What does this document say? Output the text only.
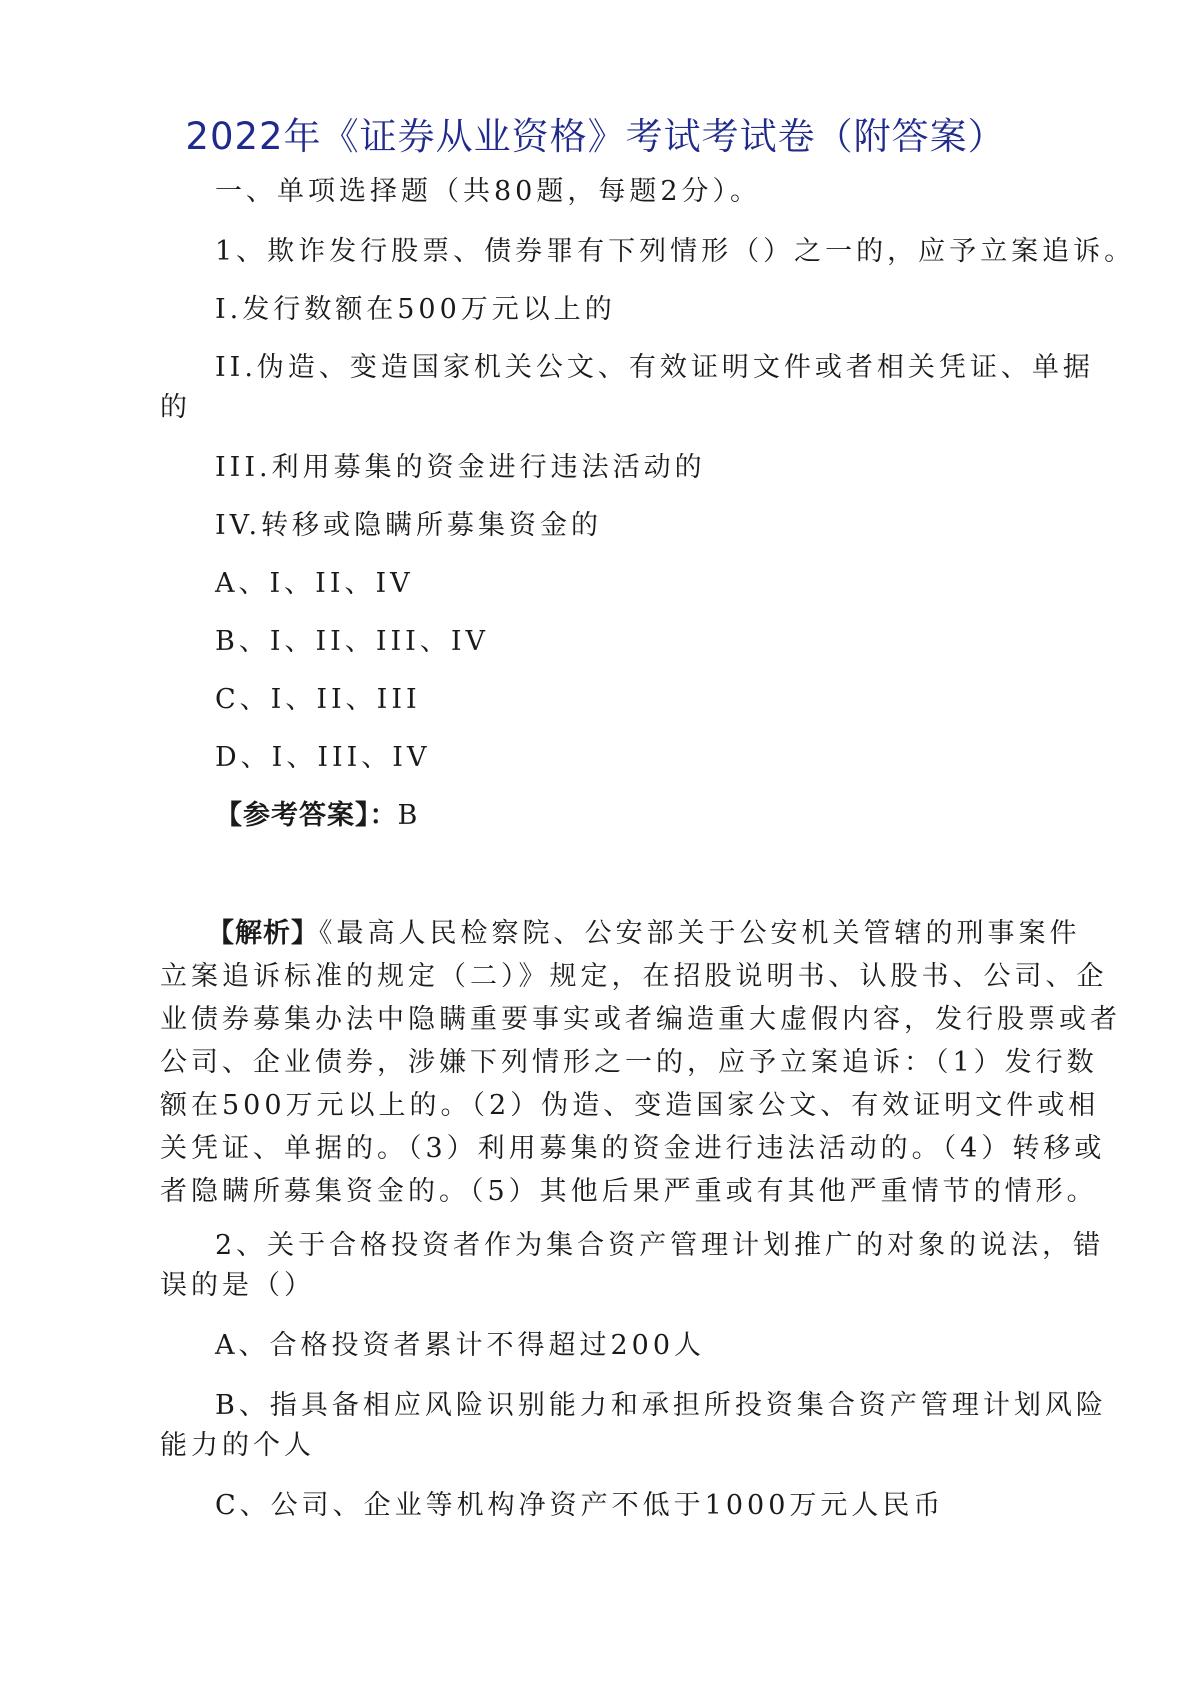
2022年《证券从业资格》考试考试卷（附答案）
一、单项选择题（共80题，每题2分）。
1、欺诈发行股票、债券罪有下列情形（）之一的，应予立案追诉。
I.发行数额在500万元以上的
II.伪造、变造国家机关公文、有效证明文件或者相关凭证、单据
的
III.利用募集的资金进行违法活动的
IV.转移或隐瞒所募集资金的
A、I、II、IV
B、I、II、III、IV
C、I、II、III
D、I、III、IV
【参考答案】：B
【解析】《最高人民检察院、公安部关于公安机关管辖的刑事案件
立案追诉标准的规定（二）》规定，在招股说明书、认股书、公司、企
业债券募集办法中隐瞒重要事实或者编造重大虚假内容，发行股票或者
公司、企业债券，涉嫌下列情形之一的，应予立案追诉：（1）发行数
额在500万元以上的。（2）伪造、变造国家公文、有效证明文件或相
关凭证、单据的。（3）利用募集的资金进行违法活动的。（4）转移或
者隐瞒所募集资金的。（5）其他后果严重或有其他严重情节的情形。
2、关于合格投资者作为集合资产管理计划推广的对象的说法，错
误的是（）
A、合格投资者累计不得超过200人
B、指具备相应风险识别能力和承担所投资集合资产管理计划风险
能力的个人
C、公司、企业等机构净资产不低于1000万元人民币
